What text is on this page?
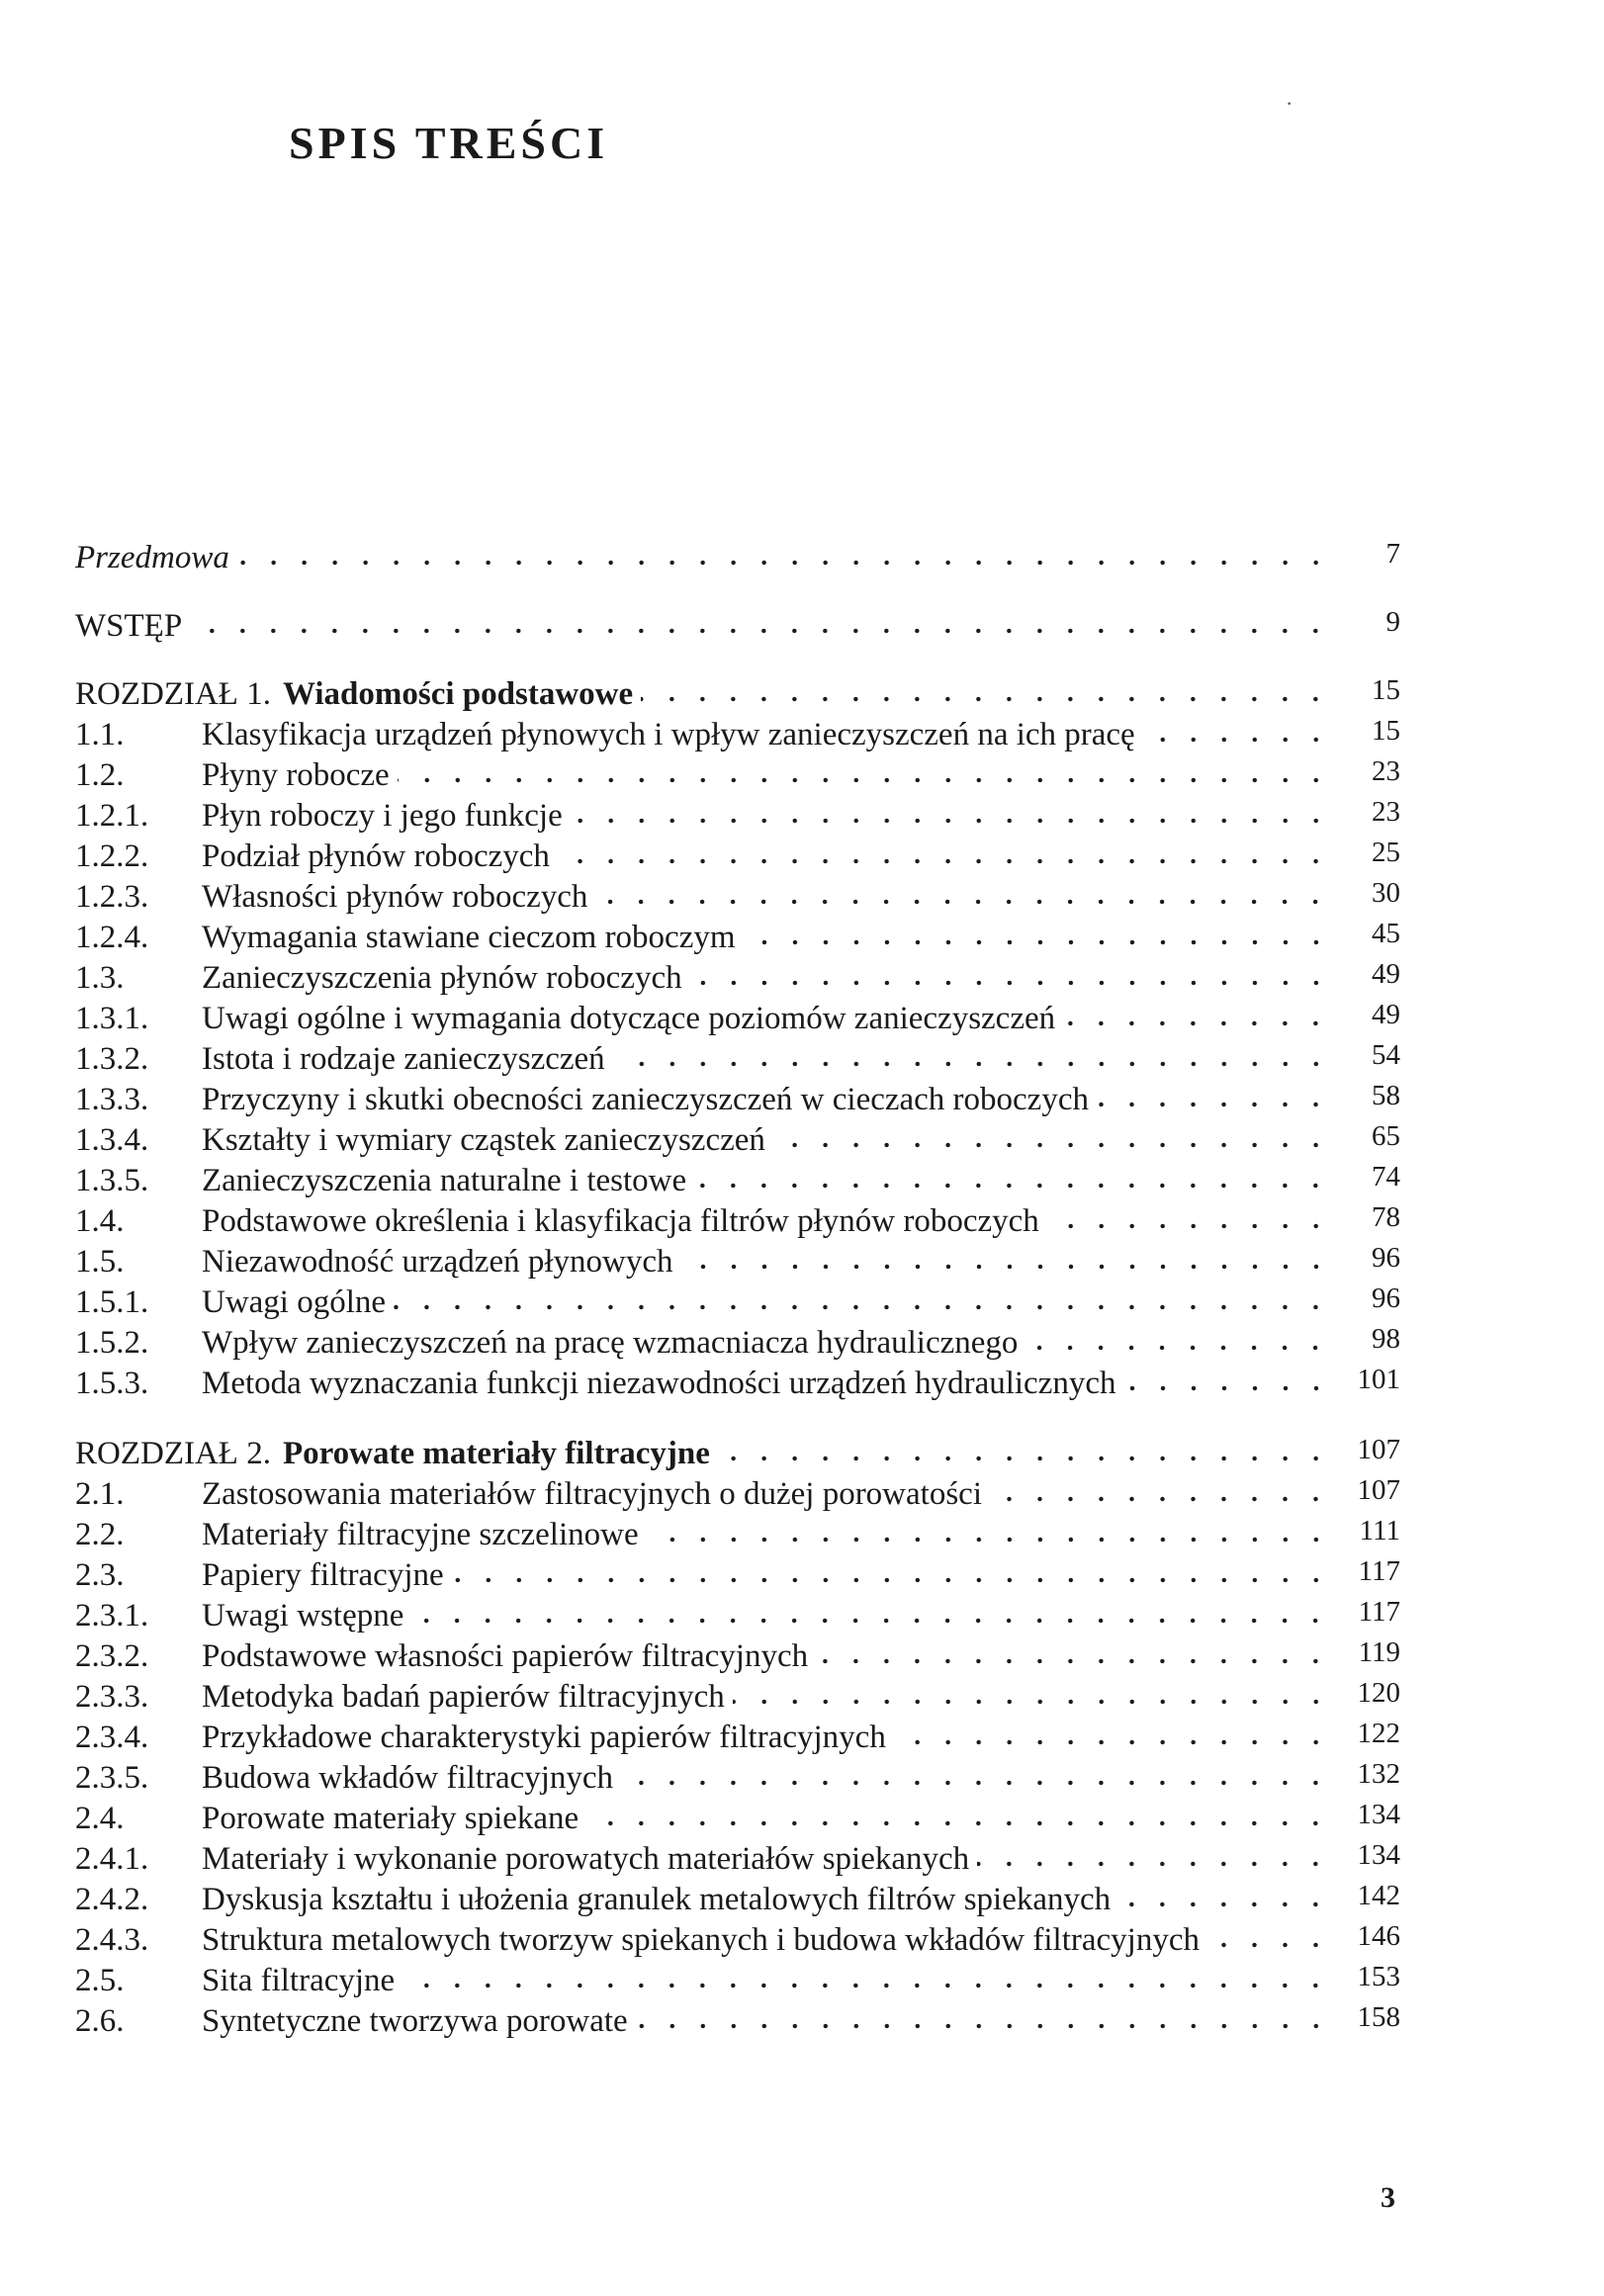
SPIS TREŚCI
Przedmowa	7
WSTĘP	9
ROZDZIAŁ 1. Wiadomości podstawowe	15
1.1.	Klasyfikacja urządzeń płynowych i wpływ zanieczyszczeń na ich pracę	15
1.2.	Płyny robocze	23
1.2.1.	Płyn roboczy i jego funkcje	23
1.2.2.	Podział płynów roboczych	25
1.2.3.	Własności płynów roboczych	30
1.2.4.	Wymagania stawiane cieczom roboczym	45
1.3.	Zanieczyszczenia płynów roboczych	49
1.3.1.	Uwagi ogólne i wymagania dotyczące poziomów zanieczyszczeń	49
1.3.2.	Istota i rodzaje zanieczyszczeń	54
1.3.3.	Przyczyny i skutki obecności zanieczyszczeń w cieczach roboczych	58
1.3.4.	Kształty i wymiary cząstek zanieczyszczeń	65
1.3.5.	Zanieczyszczenia naturalne i testowe	74
1.4.	Podstawowe określenia i klasyfikacja filtrów płynów roboczych	78
1.5.	Niezawodność urządzeń płynowych	96
1.5.1.	Uwagi ogólne	96
1.5.2.	Wpływ zanieczyszczeń na pracę wzmacniacza hydraulicznego	98
1.5.3.	Metoda wyznaczania funkcji niezawodności urządzeń hydraulicznych	101
ROZDZIAŁ 2. Porowate materiały filtracyjne	107
2.1.	Zastosowania materiałów filtracyjnych o dużej porowatości	107
2.2.	Materiały filtracyjne szczelinowe	111
2.3.	Papiery filtracyjne	117
2.3.1.	Uwagi wstępne	117
2.3.2.	Podstawowe własności papierów filtracyjnych	119
2.3.3.	Metodyka badań papierów filtracyjnych	120
2.3.4.	Przykładowe charakterystyki papierów filtracyjnych	122
2.3.5.	Budowa wkładów filtracyjnych	132
2.4.	Porowate materiały spiekane	134
2.4.1.	Materiały i wykonanie porowatych materiałów spiekanych	134
2.4.2.	Dyskusja kształtu i ułożenia granulek metalowych filtrów spiekanych	142
2.4.3.	Struktura metalowych tworzyw spiekanych i budowa wkładów filtracyjnych	146
2.5.	Sita filtracyjne	153
2.6.	Syntetyczne tworzywa porowate	158
3
·
